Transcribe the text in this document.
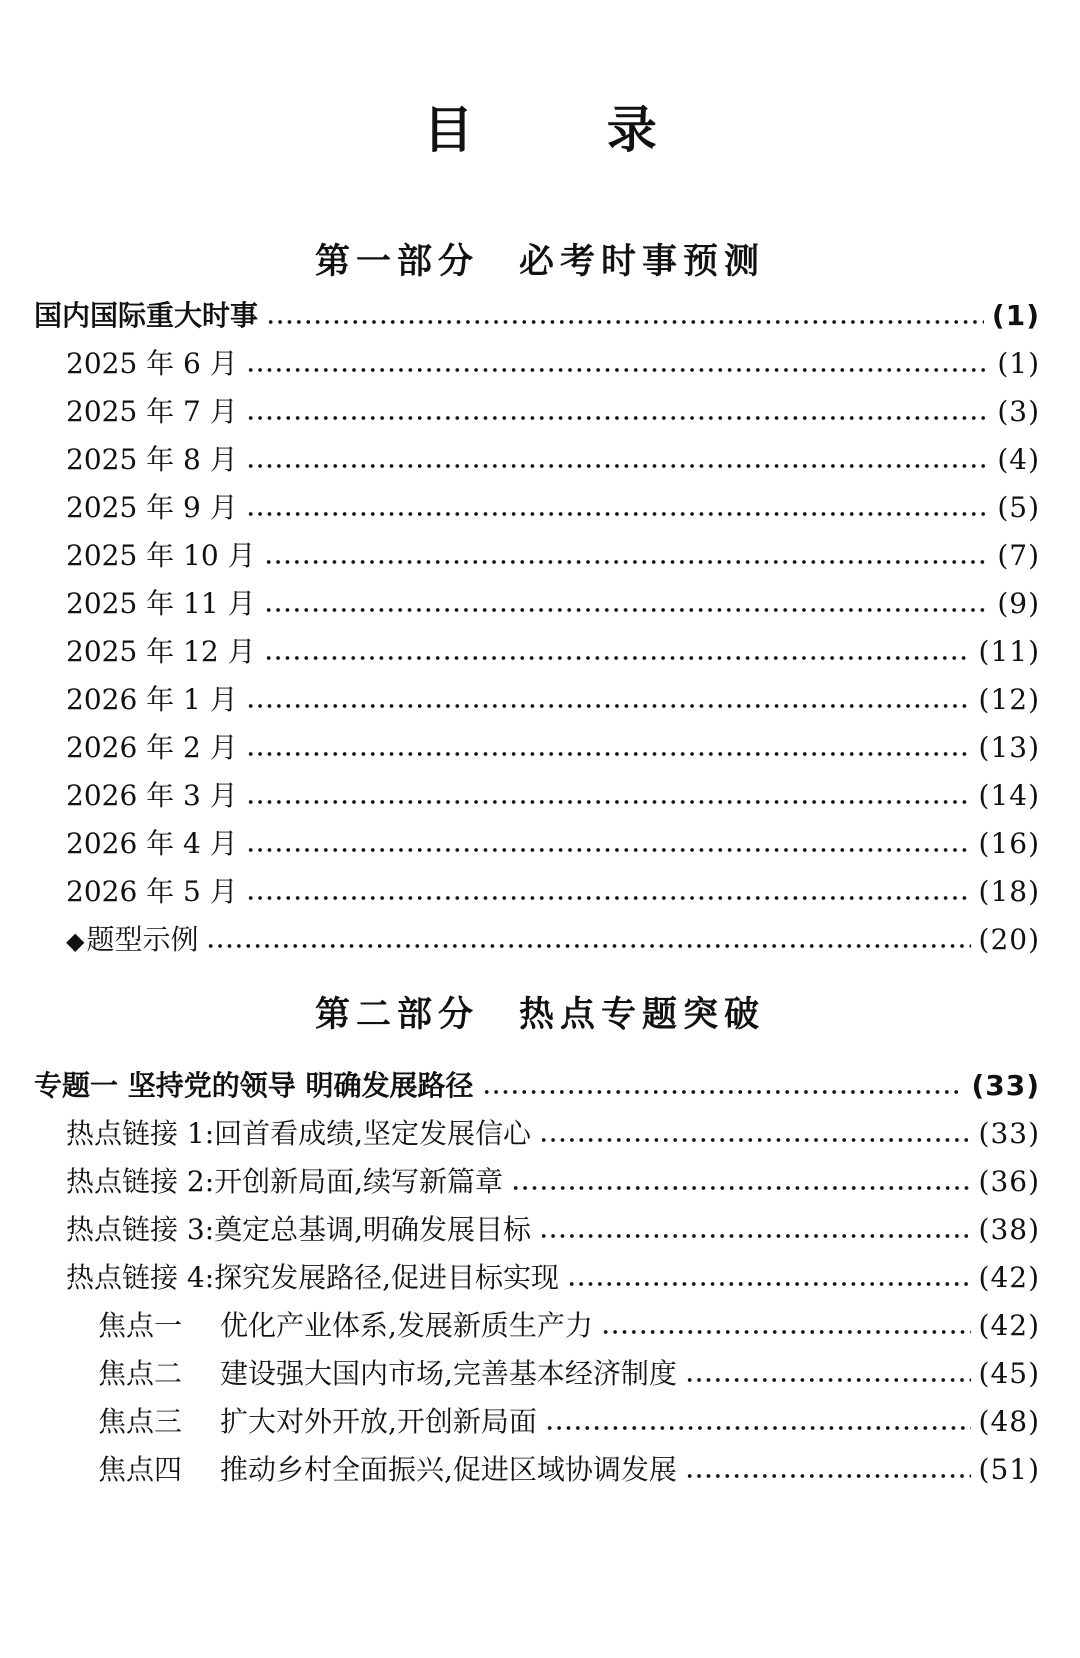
目 录
第一部分 必考时事预测
国内国际重大时事	(1)
2025 年 6 月	(1)
2025 年 7 月	(3)
2025 年 8 月	(4)
2025 年 9 月	(5)
2025 年 10 月	(7)
2025 年 11 月	(9)
2025 年 12 月	(11)
2026 年 1 月	(12)
2026 年 2 月	(13)
2026 年 3 月	(14)
2026 年 4 月	(16)
2026 年 5 月	(18)
◆题型示例	(20)
第二部分 热点专题突破
专题一 坚持党的领导 明确发展路径	(33)
热点链接 1:回首看成绩,坚定发展信心	(33)
热点链接 2:开创新局面,续写新篇章	(36)
热点链接 3:奠定总基调,明确发展目标	(38)
热点链接 4:探究发展路径,促进目标实现	(42)
焦点一 优化产业体系,发展新质生产力	(42)
焦点二 建设强大国内市场,完善基本经济制度	(45)
焦点三 扩大对外开放,开创新局面	(48)
焦点四 推动乡村全面振兴,促进区域协调发展	(51)
